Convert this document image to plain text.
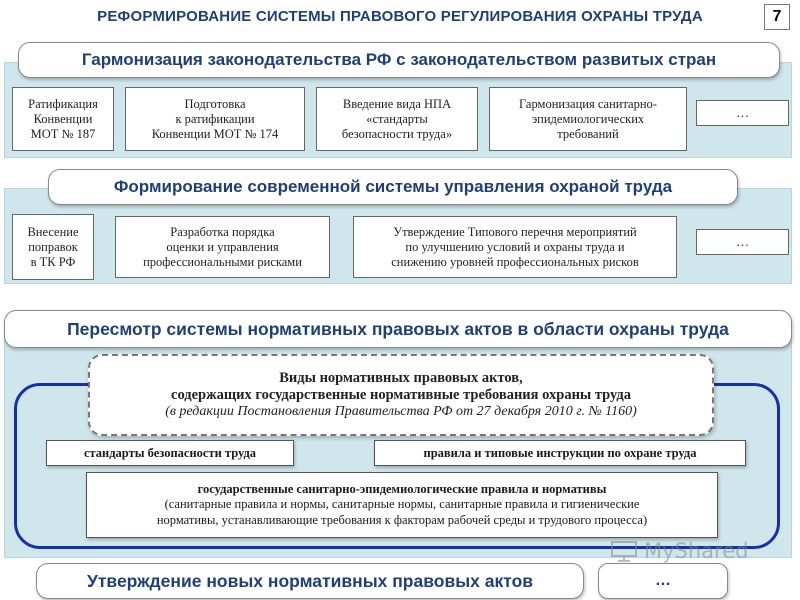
РЕФОРМИРОВАНИЕ СИСТЕМЫ ПРАВОВОГО РЕГУЛИРОВАНИЯ ОХРАНЫ ТРУДА	7
Гармонизация законодательства РФ с законодательством развитых стран
Ратификация
Конвенции
МОТ № 187
Подготовка
к ратификации
Конвенции МОТ № 174
Введение вида НПА
«стандарты
безопасности труда»
Гармонизация санитарно-
эпидемиологических
требований
…
Формирование современной системы управления охраной труда
Внесение
поправок
в ТК РФ
Разработка порядка
оценки и управления
профессиональными рисками
Утверждение Типового перечня мероприятий
по улучшению условий и охраны труда и
снижению уровней профессиональных рисков
…
Пересмотр системы нормативных правовых актов в области охраны труда
Виды нормативных правовых актов,
содержащих государственные нормативные требования охраны труда
(в редакции Постановления Правительства РФ от 27 декабря 2010 г. № 1160)
стандарты безопасности труда	правила и типовые инструкции по охране труда
государственные санитарно-эпидемиологические правила и нормативы
(санитарные правила и нормы, санитарные нормы, санитарные правила и гигиенические
нормативы, устанавливающие требования к факторам рабочей среды и трудового процесса)
MyShared
Утверждение новых нормативных правовых актов	…
